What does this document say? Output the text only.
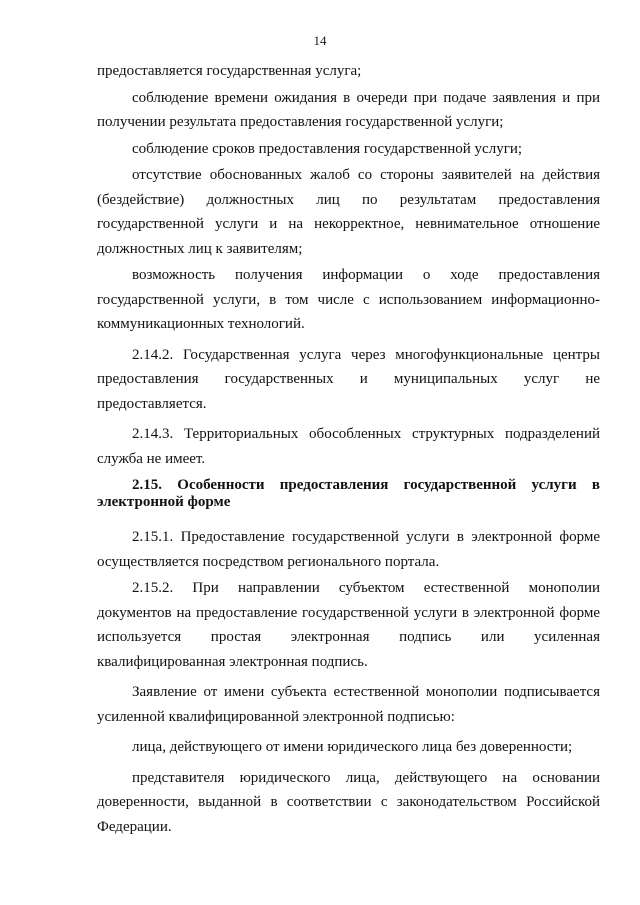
14

предоставляется государственная услуга;

соблюдение времени ожидания в очереди при подаче заявления и при получении результата предоставления государственной услуги;

соблюдение сроков предоставления государственной услуги;

отсутствие обоснованных жалоб со стороны заявителей на действия (бездействие) должностных лиц по результатам предоставления государственной услуги и на некорректное, невнимательное отношение должностных лиц к заявителям;

возможность получения информации о ходе предоставления государственной услуги, в том числе с использованием информационно-коммуникационных технологий.

2.14.2. Государственная услуга через многофункциональные центры предоставления государственных и муниципальных услуг не предоставляется.

2.14.3. Территориальных обособленных структурных подразделений служба не имеет.

2.15. Особенности предоставления государственной услуги в электронной форме

2.15.1. Предоставление государственной услуги в электронной форме осуществляется посредством регионального портала.

2.15.2. При направлении субъектом естественной монополии документов на предоставление государственной услуги в электронной форме используется простая электронная подпись или усиленная квалифицированная электронная подпись.

Заявление от имени субъекта естественной монополии подписывается усиленной квалифицированной электронной подписью:

лица, действующего от имени юридического лица без доверенности;

представителя юридического лица, действующего на основании доверенности, выданной в соответствии с законодательством Российской Федерации.
